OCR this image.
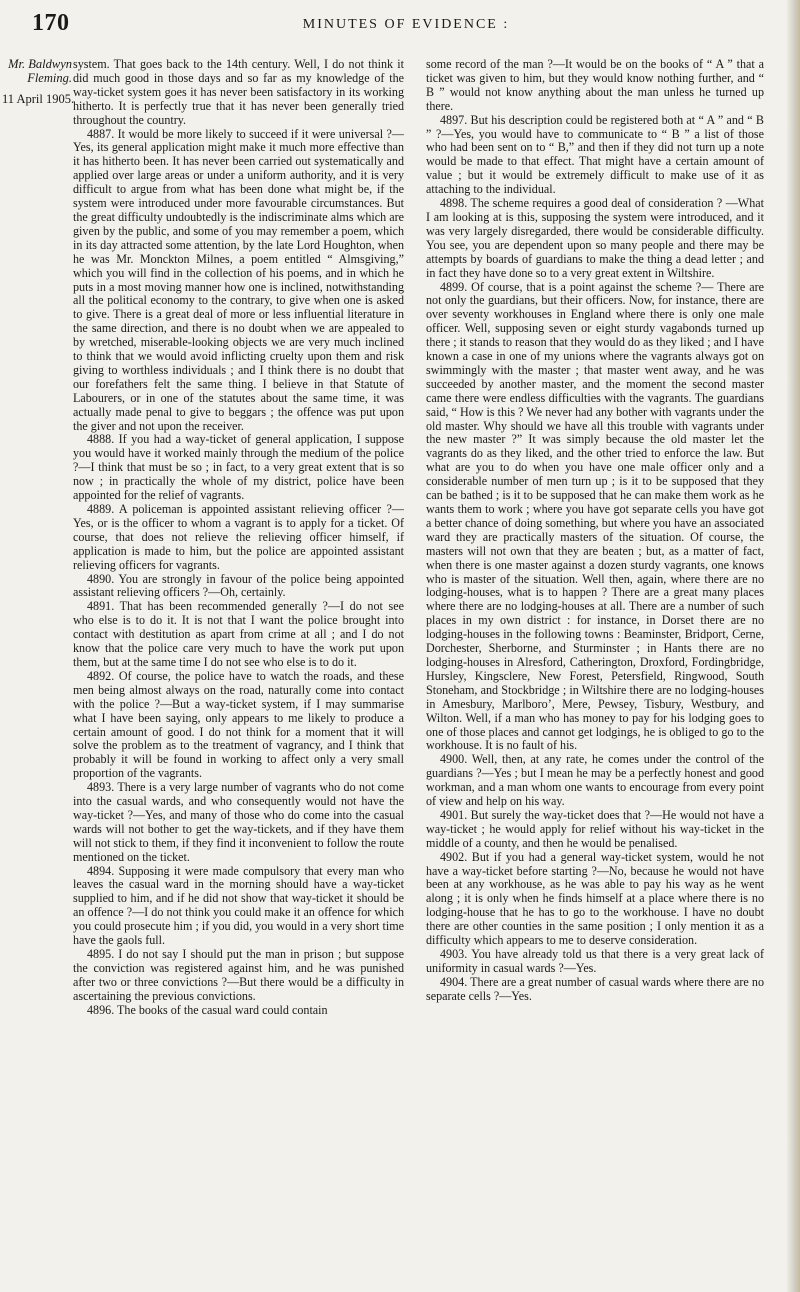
170	MINUTES OF EVIDENCE :
Mr. Baldwyn
Fleming.
11 April 1905.

system. That goes back to the 14th century. Well, I do not think it did much good in those days and so far as my knowledge of the way-ticket system goes it has never been satisfactory in its working hitherto. It is perfectly true that it has never been generally tried throughout the country.

4887. It would be more likely to succeed if it were universal ?—Yes, its general application might make it much more effective than it has hitherto been. It has never been carried out systematically and applied over large areas or under a uniform authority, and it is very difficult to argue from what has been done what might be, if the system were introduced under more favourable circumstances. But the great difficulty undoubtedly is the indiscriminate alms which are given by the public, and some of you may remember a poem, which in its day attracted some attention, by the late Lord Houghton, when he was Mr. Monckton Milnes, a poem entitled “ Almsgiving,” which you will find in the collection of his poems, and in which he puts in a most moving manner how one is inclined, notwithstanding all the political economy to the contrary, to give when one is asked to give. There is a great deal of more or less influential literature in the same direction, and there is no doubt when we are appealed to by wretched, miserable-looking objects we are very much inclined to think that we would avoid inflicting cruelty upon them and risk giving to worthless individuals ; and I think there is no doubt that our forefathers felt the same thing. I believe in that Statute of Labourers, or in one of the statutes about the same time, it was actually made penal to give to beggars ; the offence was put upon the giver and not upon the receiver.

4888. If you had a way-ticket of general application, I suppose you would have it worked mainly through the medium of the police ?—I think that must be so ; in fact, to a very great extent that is so now ; in practically the whole of my district, police have been appointed for the relief of vagrants.

4889. A policeman is appointed assistant relieving officer ?—Yes, or is the officer to whom a vagrant is to apply for a ticket. Of course, that does not relieve the relieving officer himself, if application is made to him, but the police are appointed assistant relieving officers for vagrants.

4890. You are strongly in favour of the police being appointed assistant relieving officers ?—Oh, certainly.

4891. That has been recommended generally ?—I do not see who else is to do it. It is not that I want the police brought into contact with destitution as apart from crime at all ; and I do not know that the police care very much to have the work put upon them, but at the same time I do not see who else is to do it.

4892. Of course, the police have to watch the roads, and these men being almost always on the road, naturally come into contact with the police ?—But a way-ticket system, if I may summarise what I have been saying, only appears to me likely to produce a certain amount of good. I do not think for a moment that it will solve the problem as to the treatment of vagrancy, and I think that probably it will be found in working to affect only a very small proportion of the vagrants.

4893. There is a very large number of vagrants who do not come into the casual wards, and who consequently would not have the way-ticket ?—Yes, and many of those who do come into the casual wards will not bother to get the way-tickets, and if they have them will not stick to them, if they find it inconvenient to follow the route mentioned on the ticket.

4894. Supposing it were made compulsory that every man who leaves the casual ward in the morning should have a way-ticket supplied to him, and if he did not show that way-ticket it should be an offence ?—I do not think you could make it an offence for which you could prosecute him ; if you did, you would in a very short time have the gaols full.

4895. I do not say I should put the man in prison ; but suppose the conviction was registered against him, and he was punished after two or three convictions ?—But there would be a difficulty in ascertaining the previous convictions.

4896. The books of the casual ward could contain

some record of the man ?—It would be on the books of “ A ” that a ticket was given to him, but they would know nothing further, and “ B ” would not know anything about the man unless he turned up there.

4897. But his description could be registered both at “ A ” and “ B ” ?—Yes, you would have to communicate to “ B ” a list of those who had been sent on to “ B,” and then if they did not turn up a note would be made to that effect. That might have a certain amount of value ; but it would be extremely difficult to make use of it as attaching to the individual.

4898. The scheme requires a good deal of consideration ? —What I am looking at is this, supposing the system were introduced, and it was very largely disregarded, there would be considerable difficulty. You see, you are dependent upon so many people and there may be attempts by boards of guardians to make the thing a dead letter ; and in fact they have done so to a very great extent in Wiltshire.

4899. Of course, that is a point against the scheme ?— There are not only the guardians, but their officers. Now, for instance, there are over seventy workhouses in England where there is only one male officer. Well, supposing seven or eight sturdy vagabonds turned up there ; it stands to reason that they would do as they liked ; and I have known a case in one of my unions where the vagrants always got on swimmingly with the master ; that master went away, and he was succeeded by another master, and the moment the second master came there were endless difficulties with the vagrants. The guardians said, “ How is this ? We never had any bother with vagrants under the old master. Why should we have all this trouble with vagrants under the new master ?” It was simply because the old master let the vagrants do as they liked, and the other tried to enforce the law. But what are you to do when you have one male officer only and a considerable number of men turn up ; is it to be supposed that they can be bathed ; is it to be supposed that he can make them work as he wants them to work ; where you have got separate cells you have got a better chance of doing something, but where you have an associated ward they are practically masters of the situation. Of course, the masters will not own that they are beaten ; but, as a matter of fact, when there is one master against a dozen sturdy vagrants, one knows who is master of the situation. Well then, again, where there are no lodging-houses, what is to happen ? There are a great many places where there are no lodging-houses at all. There are a number of such places in my own district : for instance, in Dorset there are no lodging-houses in the following towns : Beaminster, Bridport, Cerne, Dorchester, Sherborne, and Sturminster ; in Hants there are no lodging-houses in Alresford, Catherington, Droxford, Fordingbridge, Hursley, Kingsclere, New Forest, Petersfield, Ringwood, South Stoneham, and Stockbridge ; in Wiltshire there are no lodging-houses in Amesbury, Marlboro’, Mere, Pewsey, Tisbury, Westbury, and Wilton. Well, if a man who has money to pay for his lodging goes to one of those places and cannot get lodgings, he is obliged to go to the workhouse. It is no fault of his.

4900. Well, then, at any rate, he comes under the control of the guardians ?—Yes ; but I mean he may be a perfectly honest and good workman, and a man whom one wants to encourage from every point of view and help on his way.

4901. But surely the way-ticket does that ?—He would not have a way-ticket ; he would apply for relief without his way-ticket in the middle of a county, and then he would be penalised.

4902. But if you had a general way-ticket system, would he not have a way-ticket before starting ?—No, because he would not have been at any workhouse, as he was able to pay his way as he went along ; it is only when he finds himself at a place where there is no lodging-house that he has to go to the workhouse. I have no doubt there are other counties in the same position ; I only mention it as a difficulty which appears to me to deserve consideration.

4903. You have already told us that there is a very great lack of uniformity in casual wards ?—Yes.

4904. There are a great number of casual wards where there are no separate cells ?—Yes.
